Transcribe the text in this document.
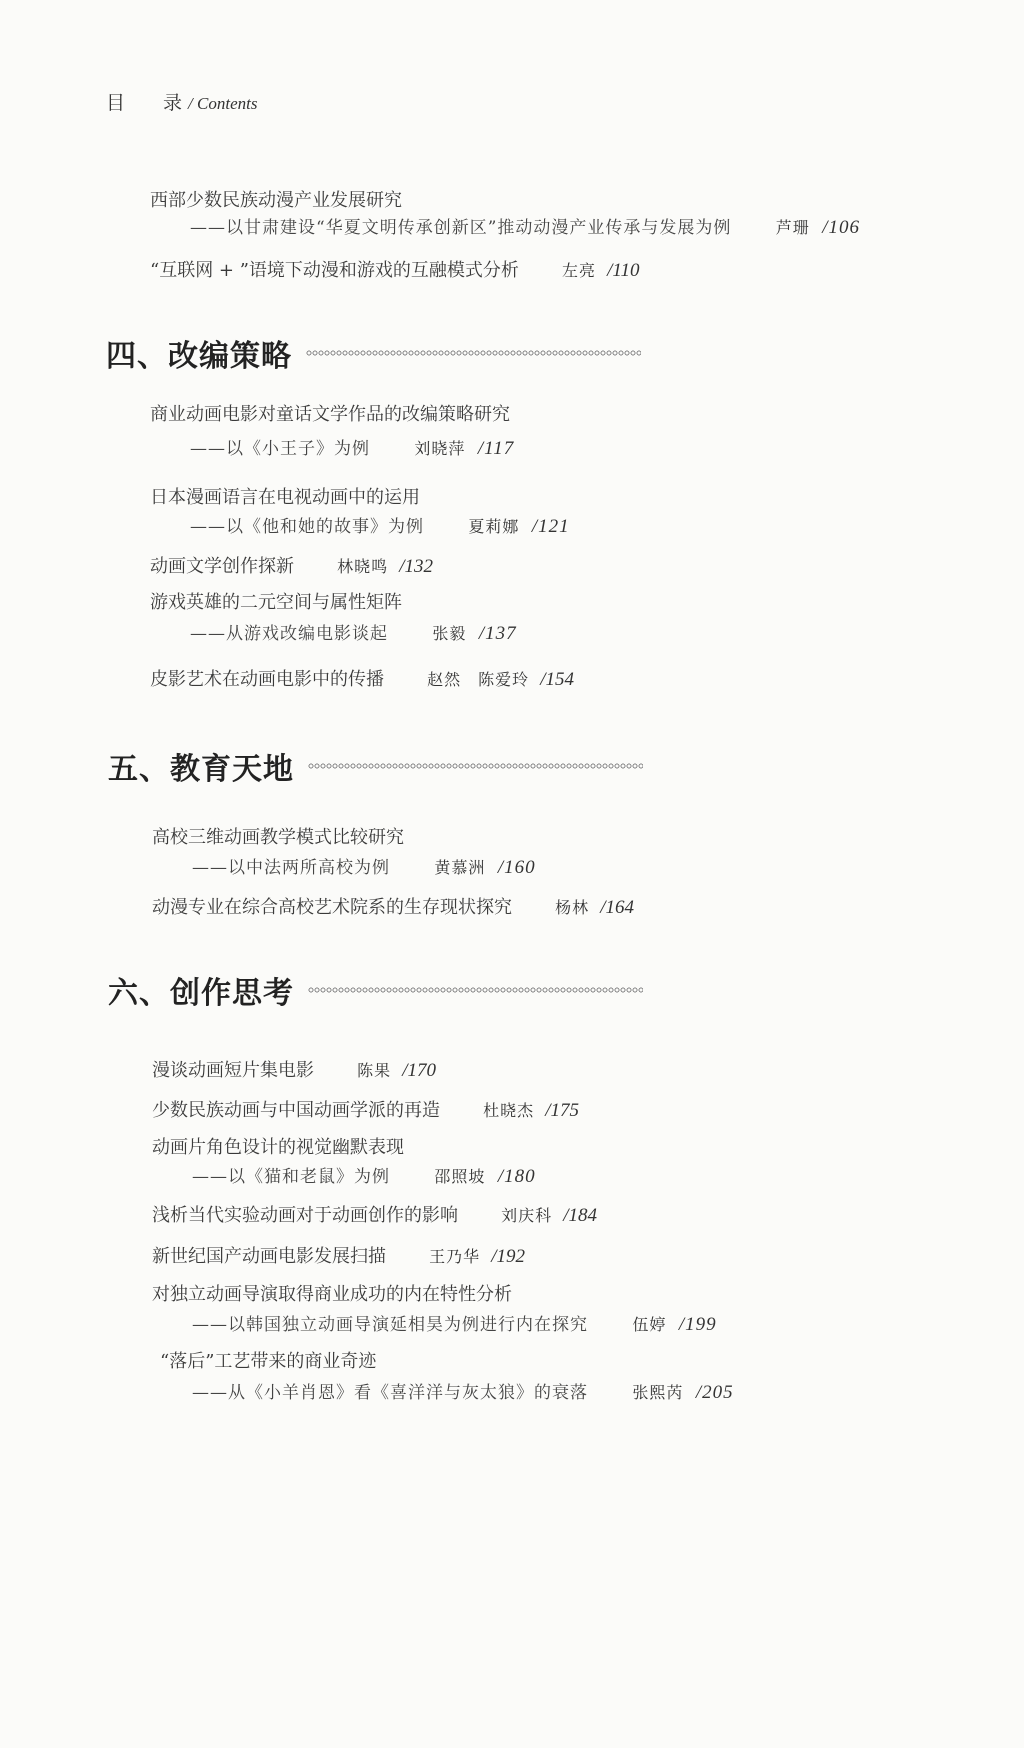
目 录/ Contents
西部少数民族动漫产业发展研究
——以甘肃建设“华夏文明传承创新区”推动动漫产业传承与发展为例	芦珊 /106
“互联网 + ”语境下动漫和游戏的互融模式分析	左亮 /110
四、改编策略
商业动画电影对童话文学作品的改编策略研究
——以《小王子》为例	刘晓萍 /117
日本漫画语言在电视动画中的运用
——以《他和她的故事》为例	夏莉娜 /121
动画文学创作探新	林晓鸣 /132
游戏英雄的二元空间与属性矩阵
——从游戏改编电影谈起	张毅 /137
皮影艺术在动画电影中的传播	赵然　陈爱玲 /154
五、教育天地
高校三维动画教学模式比较研究
——以中法两所高校为例	黄慕洲 /160
动漫专业在综合高校艺术院系的生存现状探究	杨林 /164
六、创作思考
漫谈动画短片集电影	陈果 /170
少数民族动画与中国动画学派的再造	杜晓杰 /175
动画片角色设计的视觉幽默表现
——以《猫和老鼠》为例	邵照坡 /180
浅析当代实验动画对于动画创作的影响	刘庆科 /184
新世纪国产动画电影发展扫描	王乃华 /192
对独立动画导演取得商业成功的内在特性分析
——以韩国独立动画导演延相昊为例进行内在探究	伍婷 /199
“落后”工艺带来的商业奇迹
——从《小羊肖恩》看《喜洋洋与灰太狼》的衰落	张熙芮 /205
